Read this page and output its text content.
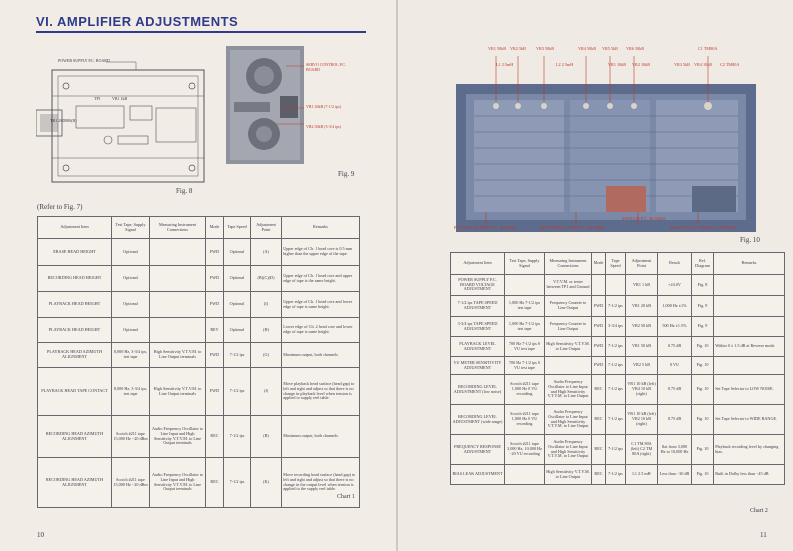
VI. AMPLIFIER ADJUSTMENTS
POWER SUPPLY P.C. BOARD
TP1	VR1 1kB
TR1 2SD880(B)
SERVO CONTROL P.C. BOARD
VR1 20kB (7-1/2 ips)
VR2 50kB (3-3/4 ips)
Fig. 8
Fig. 9
(Refer to Fig. 7)
Adjustment Item	Test Tape, Supply Signal	Measuring Instrument Connections	Mode	Tape Speed	Adjustment Point	Remarks
ERASE HEAD HEIGHT	Optional		FWD	Optional	(A)	Upper edge of Ch. 1 head core is 0.5 mm higher than the upper edge of the tape.
RECORDING HEAD HEIGHT	Optional		FWD	Optional	(B)(C)(D)	Upper edge of Ch. 1 head core and upper edge of tape is the same height.
PLAYBACK HEAD HEIGHT	Optional		FWD	Optional	(I)	Upper edge of Ch. 1 head core and lower edge of tape is same height.
PLAYBACK HEAD HEIGHT	Optional		REV	Optional	(H)	Lower edge of Ch. 2 head core and lower edge of tape is same height.
PLAYBACK HEAD AZIMUTH ALIGNMENT	8,000 Hz, 3-3/4 ips, test tape	High Sensitivity V.T.V.M. to Line Output terminals	FWD	7-1/2 ips	(G)	Maximum output, both channels.
PLAYBACK HEAD TAPE CONTACT	8,000 Hz, 3-3/4 ips, test tape	High Sensitivity V.T.V.M. to Line Output terminals	FWD	7-1/2 ips	(J)	Move playback head surface (head gap) to left and right and adjust so that there is no change in playback level when tension is applied to supply reel table.
RECORDING HEAD AZIMUTH ALIGNMENT	Scotch #211 tape 15,000 Hz −20 dBm	Audio Frequency Oscillator to Line Input and High Sensitivity V.T.V.M. to Line Output terminals	REC	7-1/2 ips	(B)	Maximum output, both channels.
RECORDING HEAD AZIMUTH ALIGNMENT	Scotch #211 tape 15,000 Hz −20 dBm	Audio Frequency Oscillator to Line Input and High Sensitivity V.T.V.M. to Line Output terminals	REC	7-1/2 ips	(K)	Move recording head surface (head gap) to left and right and adjust so that there is no change in the output level when tension is applied to the supply reel table.
Chart 1
10
VR1 50kB VR2 5kB	VR3 50kB	VR4 50kB	VR5 5kB	VR6 50kB	C1 TM80A
L1 2.5mH	L2 2.5mH	VR1 10kB	VR2 10kB	VR3 5kB VR4 10kB	C2 TM80A
PLAYBACK AMP. P.C. BOARD	RECORDING AMP. P.C. BOARD
SWITCH P.C. BOARD
BIAS OSCILLATOR P.C. BOARD
Fig. 10
Adjustment Item	Test Tape, Supply Signal	Measuring Instrument Connections	Mode	Tape Speed	Adjustment Point	Result	Ref. Diagram	Remarks
POWER SUPPLY P.C. BOARD VOLTAGE ADJUSTMENT		V.T.V.M. or tester between TP1 and Ground			VR1 1 kB	+24.0V	Fig. 8	
7-1/2 ips TAPE SPEED ADJUSTMENT	1,000 Hz 7-1/2 ips test tape	Frequency Counter to Line Output	FWD	7-1/2 ips	VR1 20 kB	1,000 Hz ±1%	Fig. 9	
3-3/4 ips TAPE SPEED ADJUSTMENT	1,000 Hz 7-1/2 ips test tape	Frequency Counter to Line Output	FWD	3-3/4 ips	VR2 50 kB	500 Hz ±1.5%	Fig. 9	
PLAYBACK LEVEL ADJUSTMENT	700 Hz 7-1/2 ips 0 VU test tape	High Sensitivity V.T.V.M. to Line Output	FWD	7-1/2 ips	VR1 50 kB	0.75 dB	Fig. 10	Within 0 ± 1.5 dB at Reverse mode.
VU METER SENSITIVITY ADJUSTMENT	700 Hz 7-1/2 ips 0 VU test tape		FWD	7-1/2 ips	VR2 5 kB	0 VU	Fig. 10	
RECORDING LEVEL ADJUSTMENT (low noise)	Scotch #211 tape 1,000 Hz 0 VU recording	Audio Frequency Oscillator to Line Input and High Sensitivity V.T.V.M. to Line Output	REC	7-1/2 ips	VR1 10 kB (left) VR4 10 kB (right)	0.75 dB	Fig. 10	Set Tape Selector to LOW NOISE.
RECORDING LEVEL ADJUSTMENT (wide range)	Scotch #211 tape 1,000 Hz 0 VU recording	Audio Frequency Oscillator to Line Input and High Sensitivity V.T.V.M. to Line Output	REC	7-1/2 ips	VR1 10 kB (left) VR2 10 kB (right)	0.75 dB	Fig. 10	Set Tape Selector to WIDE RANGE.
FREQUENCY RESPONSE ADJUSTMENT	Scotch #211 tape 3,000 Hz, 10,000 Hz −20 VU recording	Audio Frequency Oscillator to Line Input and High Sensitivity V.T.V.M. to Line Output	REC	7-1/2 ips	C1 TM 80A (left) C2 TM 80A (right)	flat from 3,000 Hz to 10,000 Hz	Fig. 10	Playback recording level by changing bias.
BIAS LEAK ADJUSTMENT		High Sensitivity V.T.V.M. to Line Output	REC	7-1/2 ips	L1 2.5 mH	Less than −30 dB	Fig. 10	Built in Dolby less than −45 dB
Chart 2
11
